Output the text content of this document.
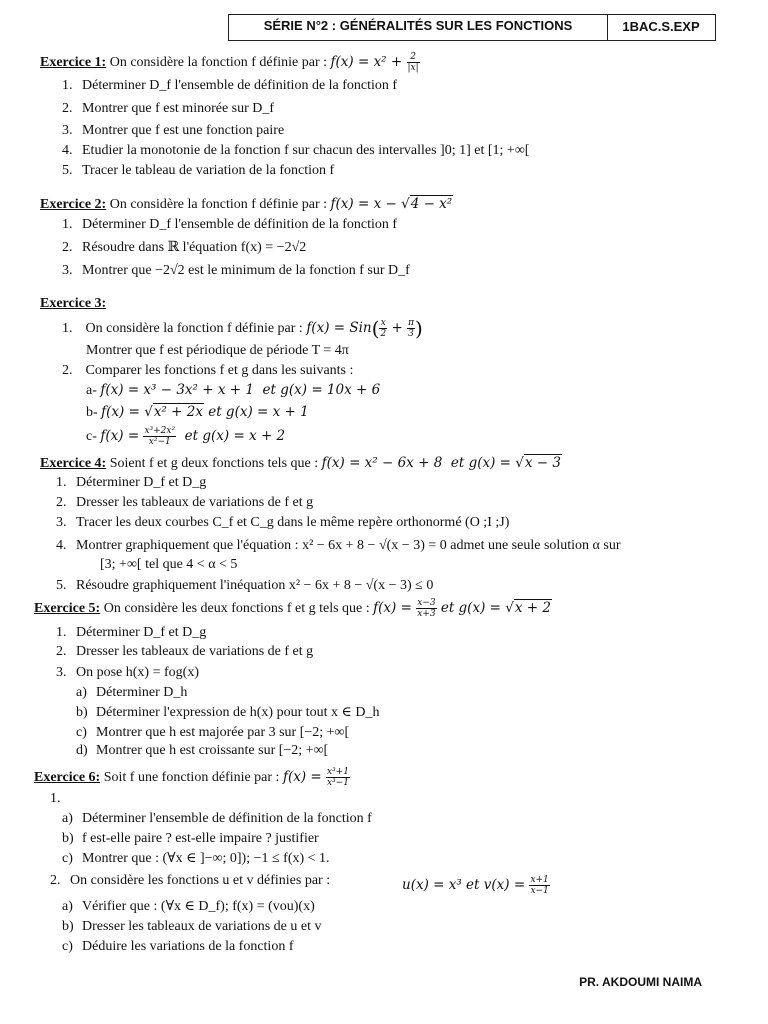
SÉRIE N°2 : GÉNÉRALITÉS SUR LES FONCTIONS	1BAC.S.EXP
Exercice 1: On considère la fonction f définie par : $f(x) = x^2 + \frac{2}{|x|}$
1. Déterminer D_f l'ensemble de définition de la fonction f
2. Montrer que f est minorée sur D_f
3. Montrer que f est une fonction paire
4. Etudier la monotonie de la fonction f sur chacun des intervalles ]0; 1] et [1; +∞[
5. Tracer le tableau de variation de la fonction f
Exercice 2: On considère la fonction f définie par : f(x) = x − √4 − x²
1. Déterminer D_f l'ensemble de définition de la fonction f
2. Résoudre dans ℝ l'équation f(x) = −2√2
3. Montrer que −2√2 est le minimum de la fonction f sur D_f
Exercice 3:
1. On considère la fonction f définie par : $f(x) = Sin( \frac{x}{2} + \frac{\pi}{3}$ )
Montrer que f est périodique de période T = 4π
2. Comparer les fonctions f et g dans les suivants :
a- f(x) = x³ − 3x² + x + 1  et g(x) = 10x + 6
b- f(x) = √x² + 2x et g(x) = x + 1
c- $f(x) = \frac{\text{x³+2x²}}{\text{x²−1}}$ et g(x) = x + 2
Exercice 4: Soient f et g deux fonctions tels que : f(x) = x² − 6x + 8  et g(x) = √x − 3
1. Déterminer D_f et D_g
2. Dresser les tableaux de variations de f et g
3. Tracer les deux courbes C_f et C_g dans le même repère orthonormé (O ;I ;J)
4. Montrer graphiquement que l'équation : x² − 6x + 8 − √(x − 3) = 0 admet une seule solution α sur
[3; +∞[ tel que 4 < α < 5
5. Résoudre graphiquement l'inéquation x² − 6x + 8 − √(x − 3) ≤ 0
Exercice 5: On considère les deux fonctions f et g tels que : $f(x) = \frac{x-3}{x+3}$ et g(x) = √x + 2
1. Déterminer D_f et D_g
2. Dresser les tableaux de variations de f et g
3. On pose h(x) = fog(x)
a) Déterminer D_h
b) Déterminer l'expression de h(x) pour tout x ∈ D_h
c) Montrer que h est majorée par 3 sur [−2; +∞[
d) Montrer que h est croissante sur [−2; +∞[
Exercice 6: Soit f une fonction définie par : $f(x) = \frac{\text{x³+1}}{\text{x³−1}}$
1.
a) Déterminer l'ensemble de définition de la fonction f
b) f est-elle paire ? est-elle impaire ? justifier
c) Montrer que : (∀x ∈ ]−∞; 0]); −1 ≤ f(x) < 1.
2. On considère les fonctions u et v définies par :
a) Vérifier que : (∀x ∈ D_f); f(x) = (vou)(x)
b) Dresser les tableaux de variations de u et v
c) Déduire les variations de la fonction f
u(x) = x³ et $v(x) = \frac{x+1}{x-1}$
PR. AKDOUMI NAIMA
